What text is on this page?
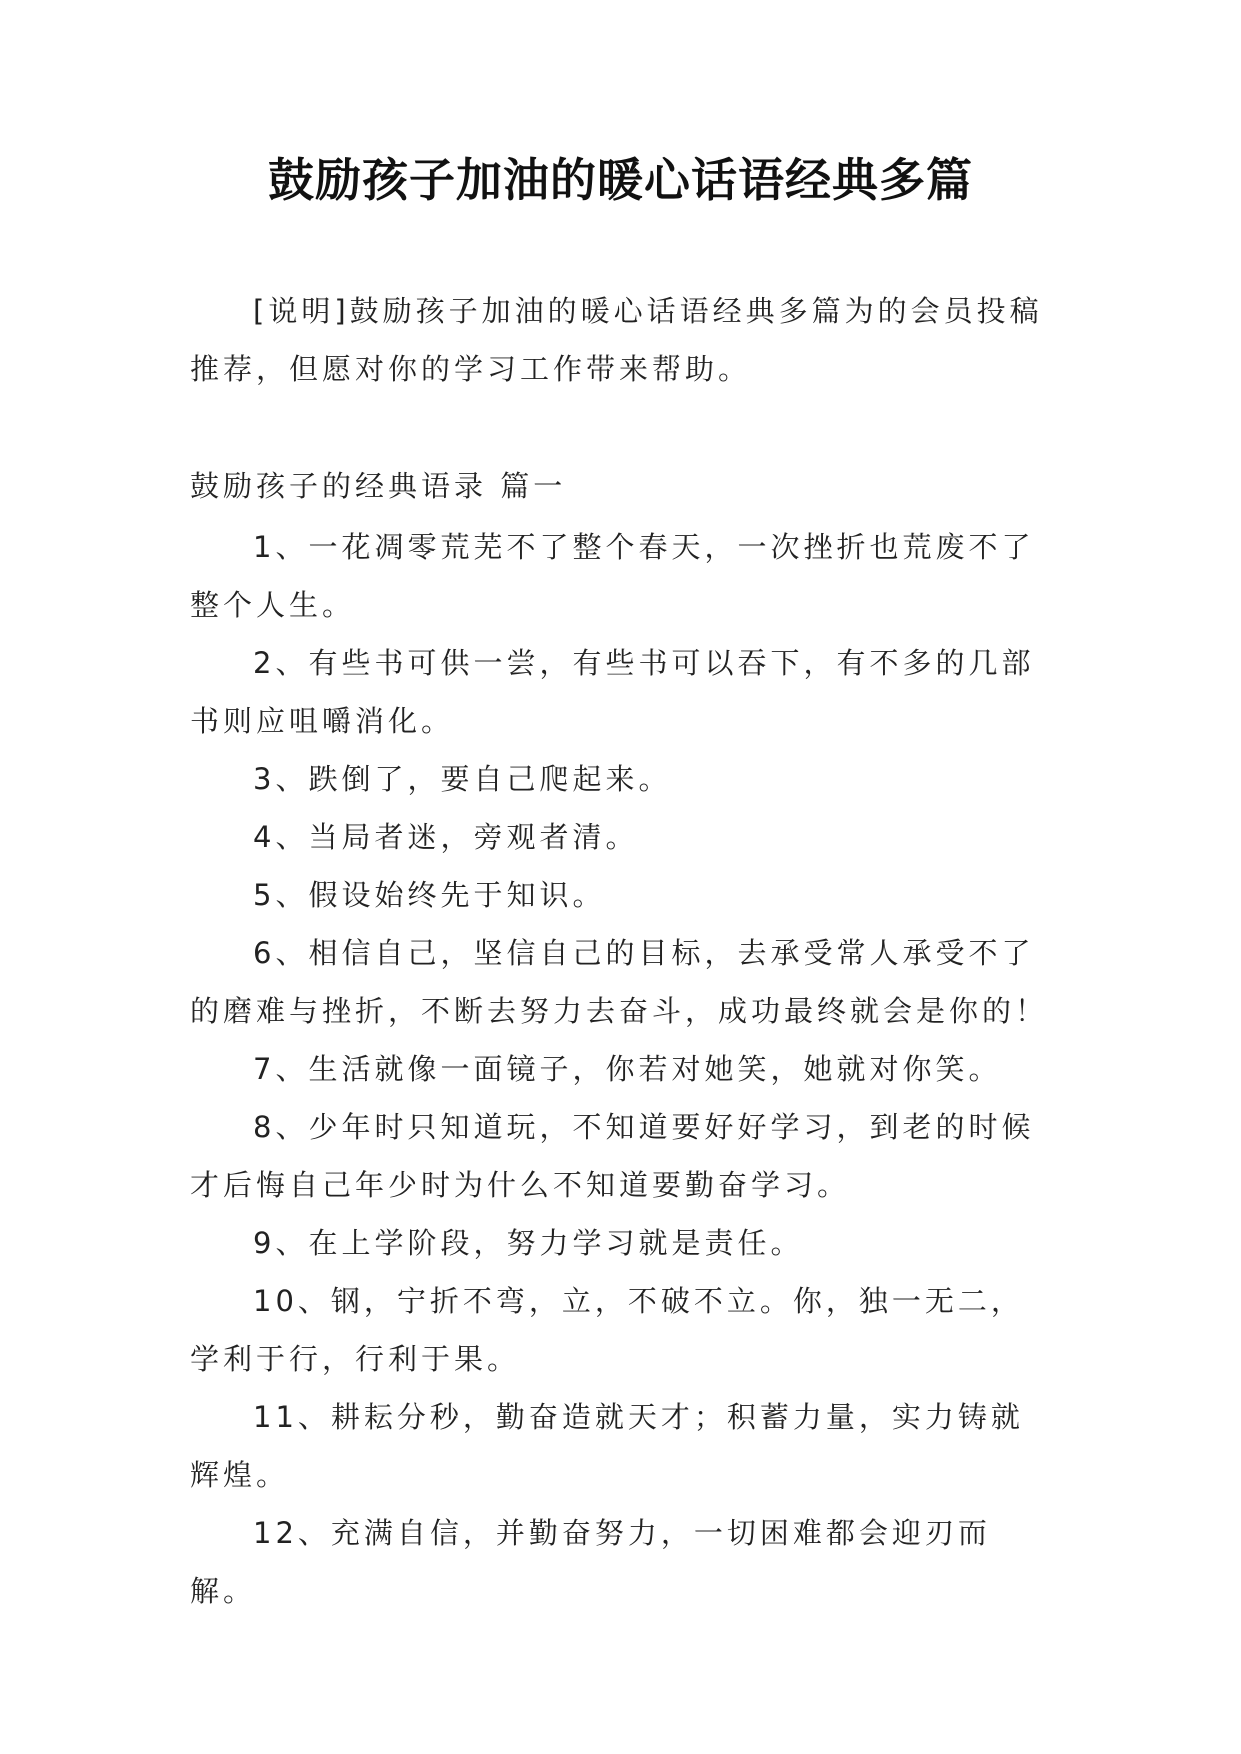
鼓励孩子加油的暖心话语经典多篇

[说明]鼓励孩子加油的暖心话语经典多篇为的会员投稿推荐，但愿对你的学习工作带来帮助。

鼓励孩子的经典语录 篇一

1、一花凋零荒芜不了整个春天，一次挫折也荒废不了整个人生。
2、有些书可供一尝，有些书可以吞下，有不多的几部书则应咀嚼消化。
3、跌倒了，要自己爬起来。
4、当局者迷，旁观者清。
5、假设始终先于知识。
6、相信自己，坚信自己的目标，去承受常人承受不了的磨难与挫折，不断去努力去奋斗，成功最终就会是你的！
7、生活就像一面镜子，你若对她笑，她就对你笑。
8、少年时只知道玩，不知道要好好学习，到老的时候才后悔自己年少时为什么不知道要勤奋学习。
9、在上学阶段，努力学习就是责任。
10、钢，宁折不弯，立，不破不立。你，独一无二，学利于行，行利于果。
11、耕耘分秒，勤奋造就天才；积蓄力量，实力铸就辉煌。
12、充满自信，并勤奋努力，一切困难都会迎刃而解。
